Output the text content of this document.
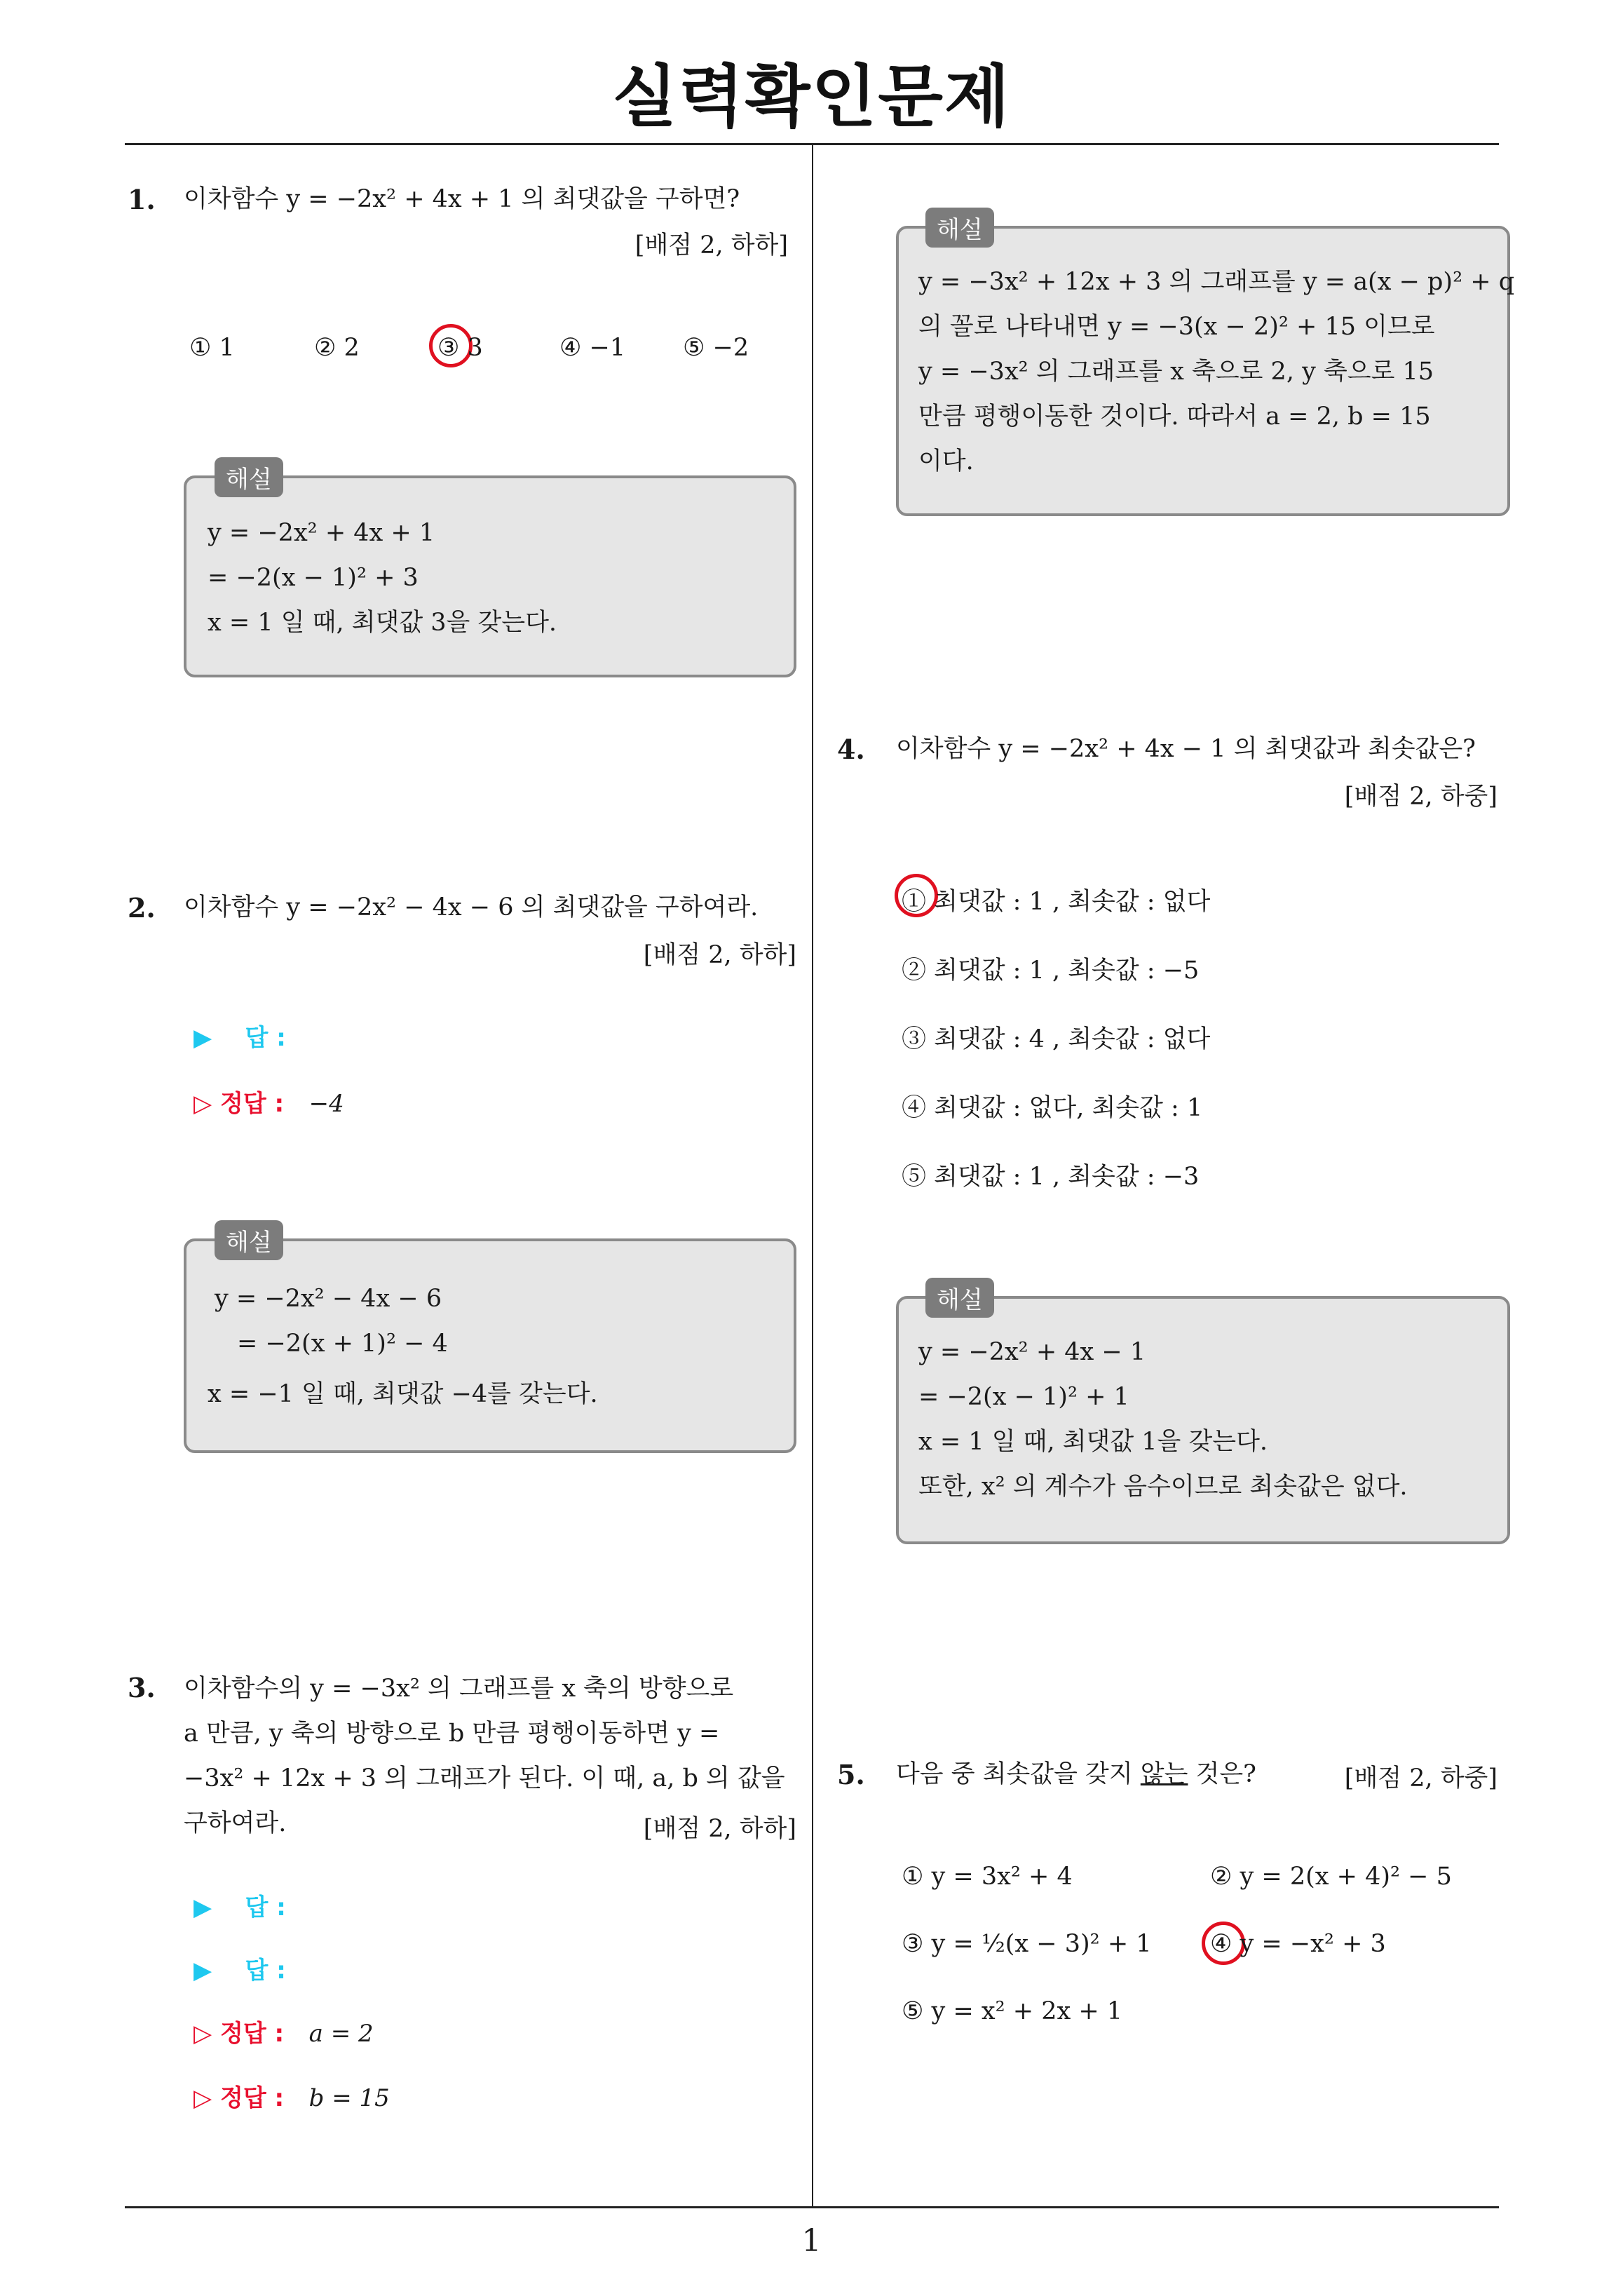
실력확인문제
1
1. 이차함수 y = −2x² + 4x + 1 의 최댓값을 구하면?
[배점 2, 하하]
① 1	② 2	③ 3	④ −1 ⑤ −2
해설
y = −2x² + 4x + 1
= −2(x − 1)² + 3
x = 1 일 때, 최댓값 3을 갖는다.
2. 이차함수 y = −2x² − 4x − 6 의 최댓값을 구하여라.
[배점 2, 하하]
▶ 답 :
▷ 정답 : −4
해설
y = −2x² − 4x − 6
= −2(x + 1)² − 4
x = −1 일 때, 최댓값 −4를 갖는다.
3. 이차함수의 y = −3x² 의 그래프를 x 축의 방향으로
a 만큼, y 축의 방향으로 b 만큼 평행이동하면 y =
−3x² + 12x + 3 의 그래프가 된다. 이 때, a, b 의 값을
구하여라.	[배점 2, 하하]
▶ 답 :
▶ 답 :
▷ 정답 : a = 2
▷ 정답 : b = 15
해설
y = −3x² + 12x + 3 의 그래프를 y = a(x − p)² + q
의 꼴로 나타내면 y = −3(x − 2)² + 15 이므로
y = −3x² 의 그래프를 x 축으로 2, y 축으로 15
만큼 평행이동한 것이다. 따라서 a = 2, b = 15
이다.
4. 이차함수 y = −2x² + 4x − 1 의 최댓값과 최솟값은?
[배점 2, 하중]
① 최댓값 : 1 , 최솟값 : 없다
② 최댓값 : 1 , 최솟값 : −5
③ 최댓값 : 4 , 최솟값 : 없다
④ 최댓값 : 없다, 최솟값 : 1
⑤ 최댓값 : 1 , 최솟값 : −3
해설
y = −2x² + 4x − 1
= −2(x − 1)² + 1
x = 1 일 때, 최댓값 1을 갖는다.
또한, x² 의 계수가 음수이므로 최솟값은 없다.
5. 다음 중 최솟값을 갖지 않는 것은?	[배점 2, 하중]
① y = 3x² + 4	② y = 2(x + 4)² − 5
③ y = ½(x − 3)² + 1 ④ y = −x² + 3
⑤ y = x² + 2x + 1
